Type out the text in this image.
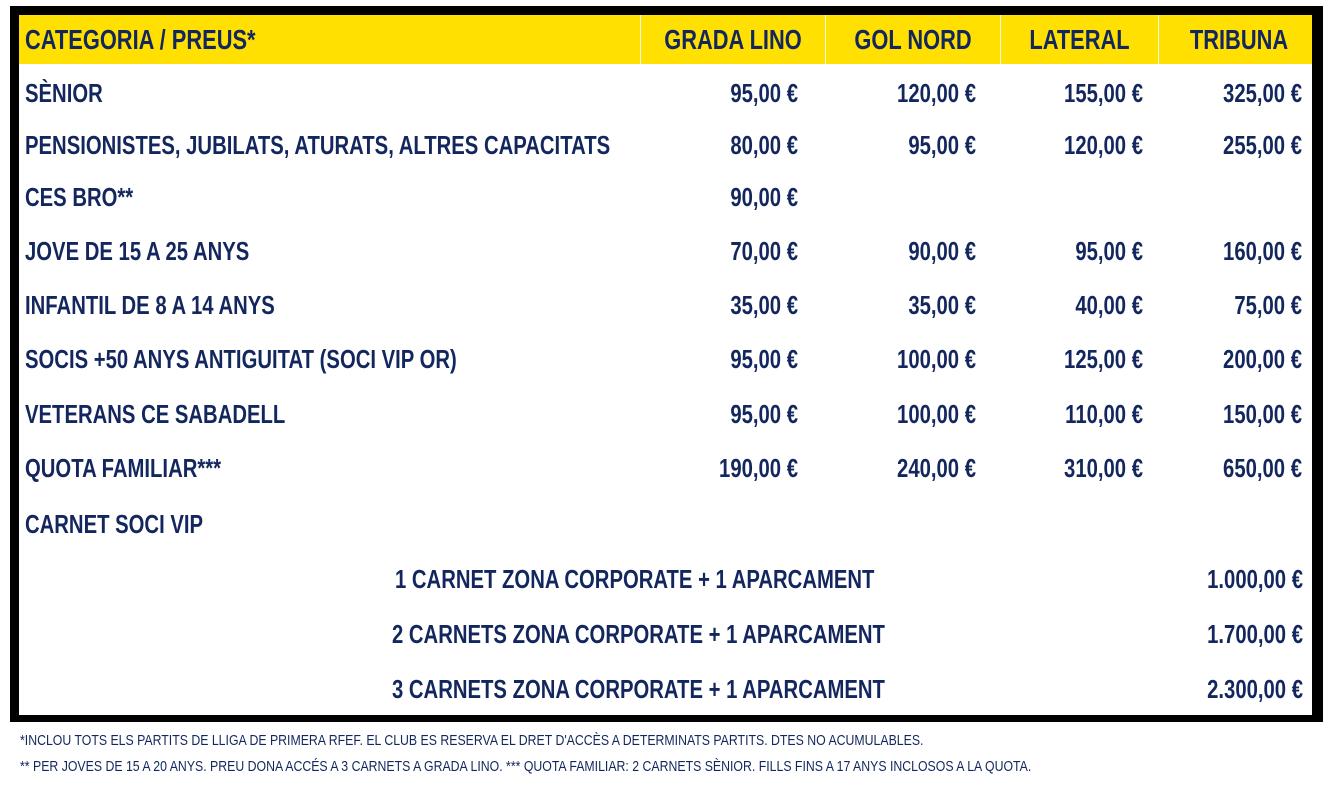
CATEGORIA / PREUS*	GRADA LINO	GOL NORD	LATERAL	TRIBUNA
SÈNIOR	95,00 €	120,00 €	155,00 €	325,00 €
PENSIONISTES, JUBILATS, ATURATS, ALTRES CAPACITATS	80,00 €	95,00 €	120,00 €	255,00 €
CES BRO**	90,00 €
JOVE DE 15 A 25 ANYS	70,00 €	90,00 €	95,00 €	160,00 €
INFANTIL DE 8 A 14 ANYS	35,00 €	35,00 €	40,00 €	75,00 €
SOCIS +50 ANYS ANTIGUITAT (SOCI VIP OR)	95,00 €	100,00 €	125,00 €	200,00 €
VETERANS CE SABADELL	95,00 €	100,00 €	110,00 €	150,00 €
QUOTA FAMILIAR***	190,00 €	240,00 €	310,00 €	650,00 €
CARNET SOCI VIP
1 CARNET ZONA CORPORATE + 1 APARCAMENT	1.000,00 €
2 CARNETS ZONA CORPORATE + 1 APARCAMENT	1.700,00 €
3 CARNETS ZONA CORPORATE + 1 APARCAMENT	2.300,00 €
*INCLOU TOTS ELS PARTITS DE LLIGA DE PRIMERA RFEF. EL CLUB ES RESERVA EL DRET D'ACCÈS A DETERMINATS PARTITS. DTES NO ACUMULABLES.
** PER JOVES DE 15 A 20 ANYS. PREU DONA ACCÉS A 3 CARNETS A GRADA LINO. *** QUOTA FAMILIAR: 2 CARNETS SÈNIOR. FILLS FINS A 17 ANYS INCLOSOS A LA QUOTA.
